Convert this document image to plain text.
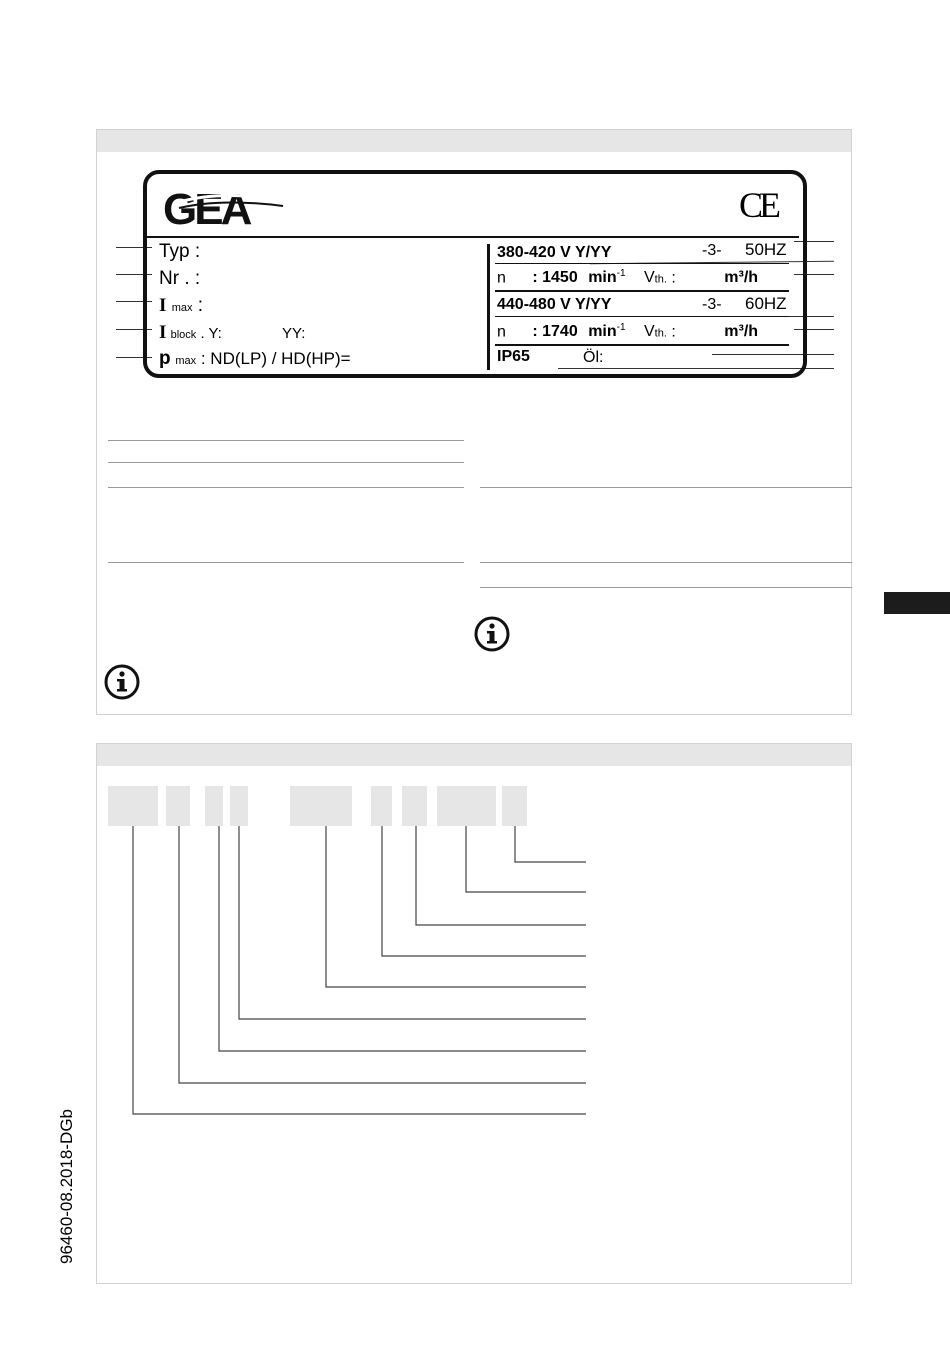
96460-08.2018-DGb
GEA	CE
Typ :
Nr . :
I max :
I block . Y:	YY:
p max : ND(LP) / HD(HP)=
380-420 V Y/YY	-3- 50HZ
n : 1450 $\min^{-1}$ Vth. :	m³/h
440-480 V Y/YY	-3- 60HZ
n : 1740 $\min^{-1}$ Vth. :	m³/h
IP65	Öl:
